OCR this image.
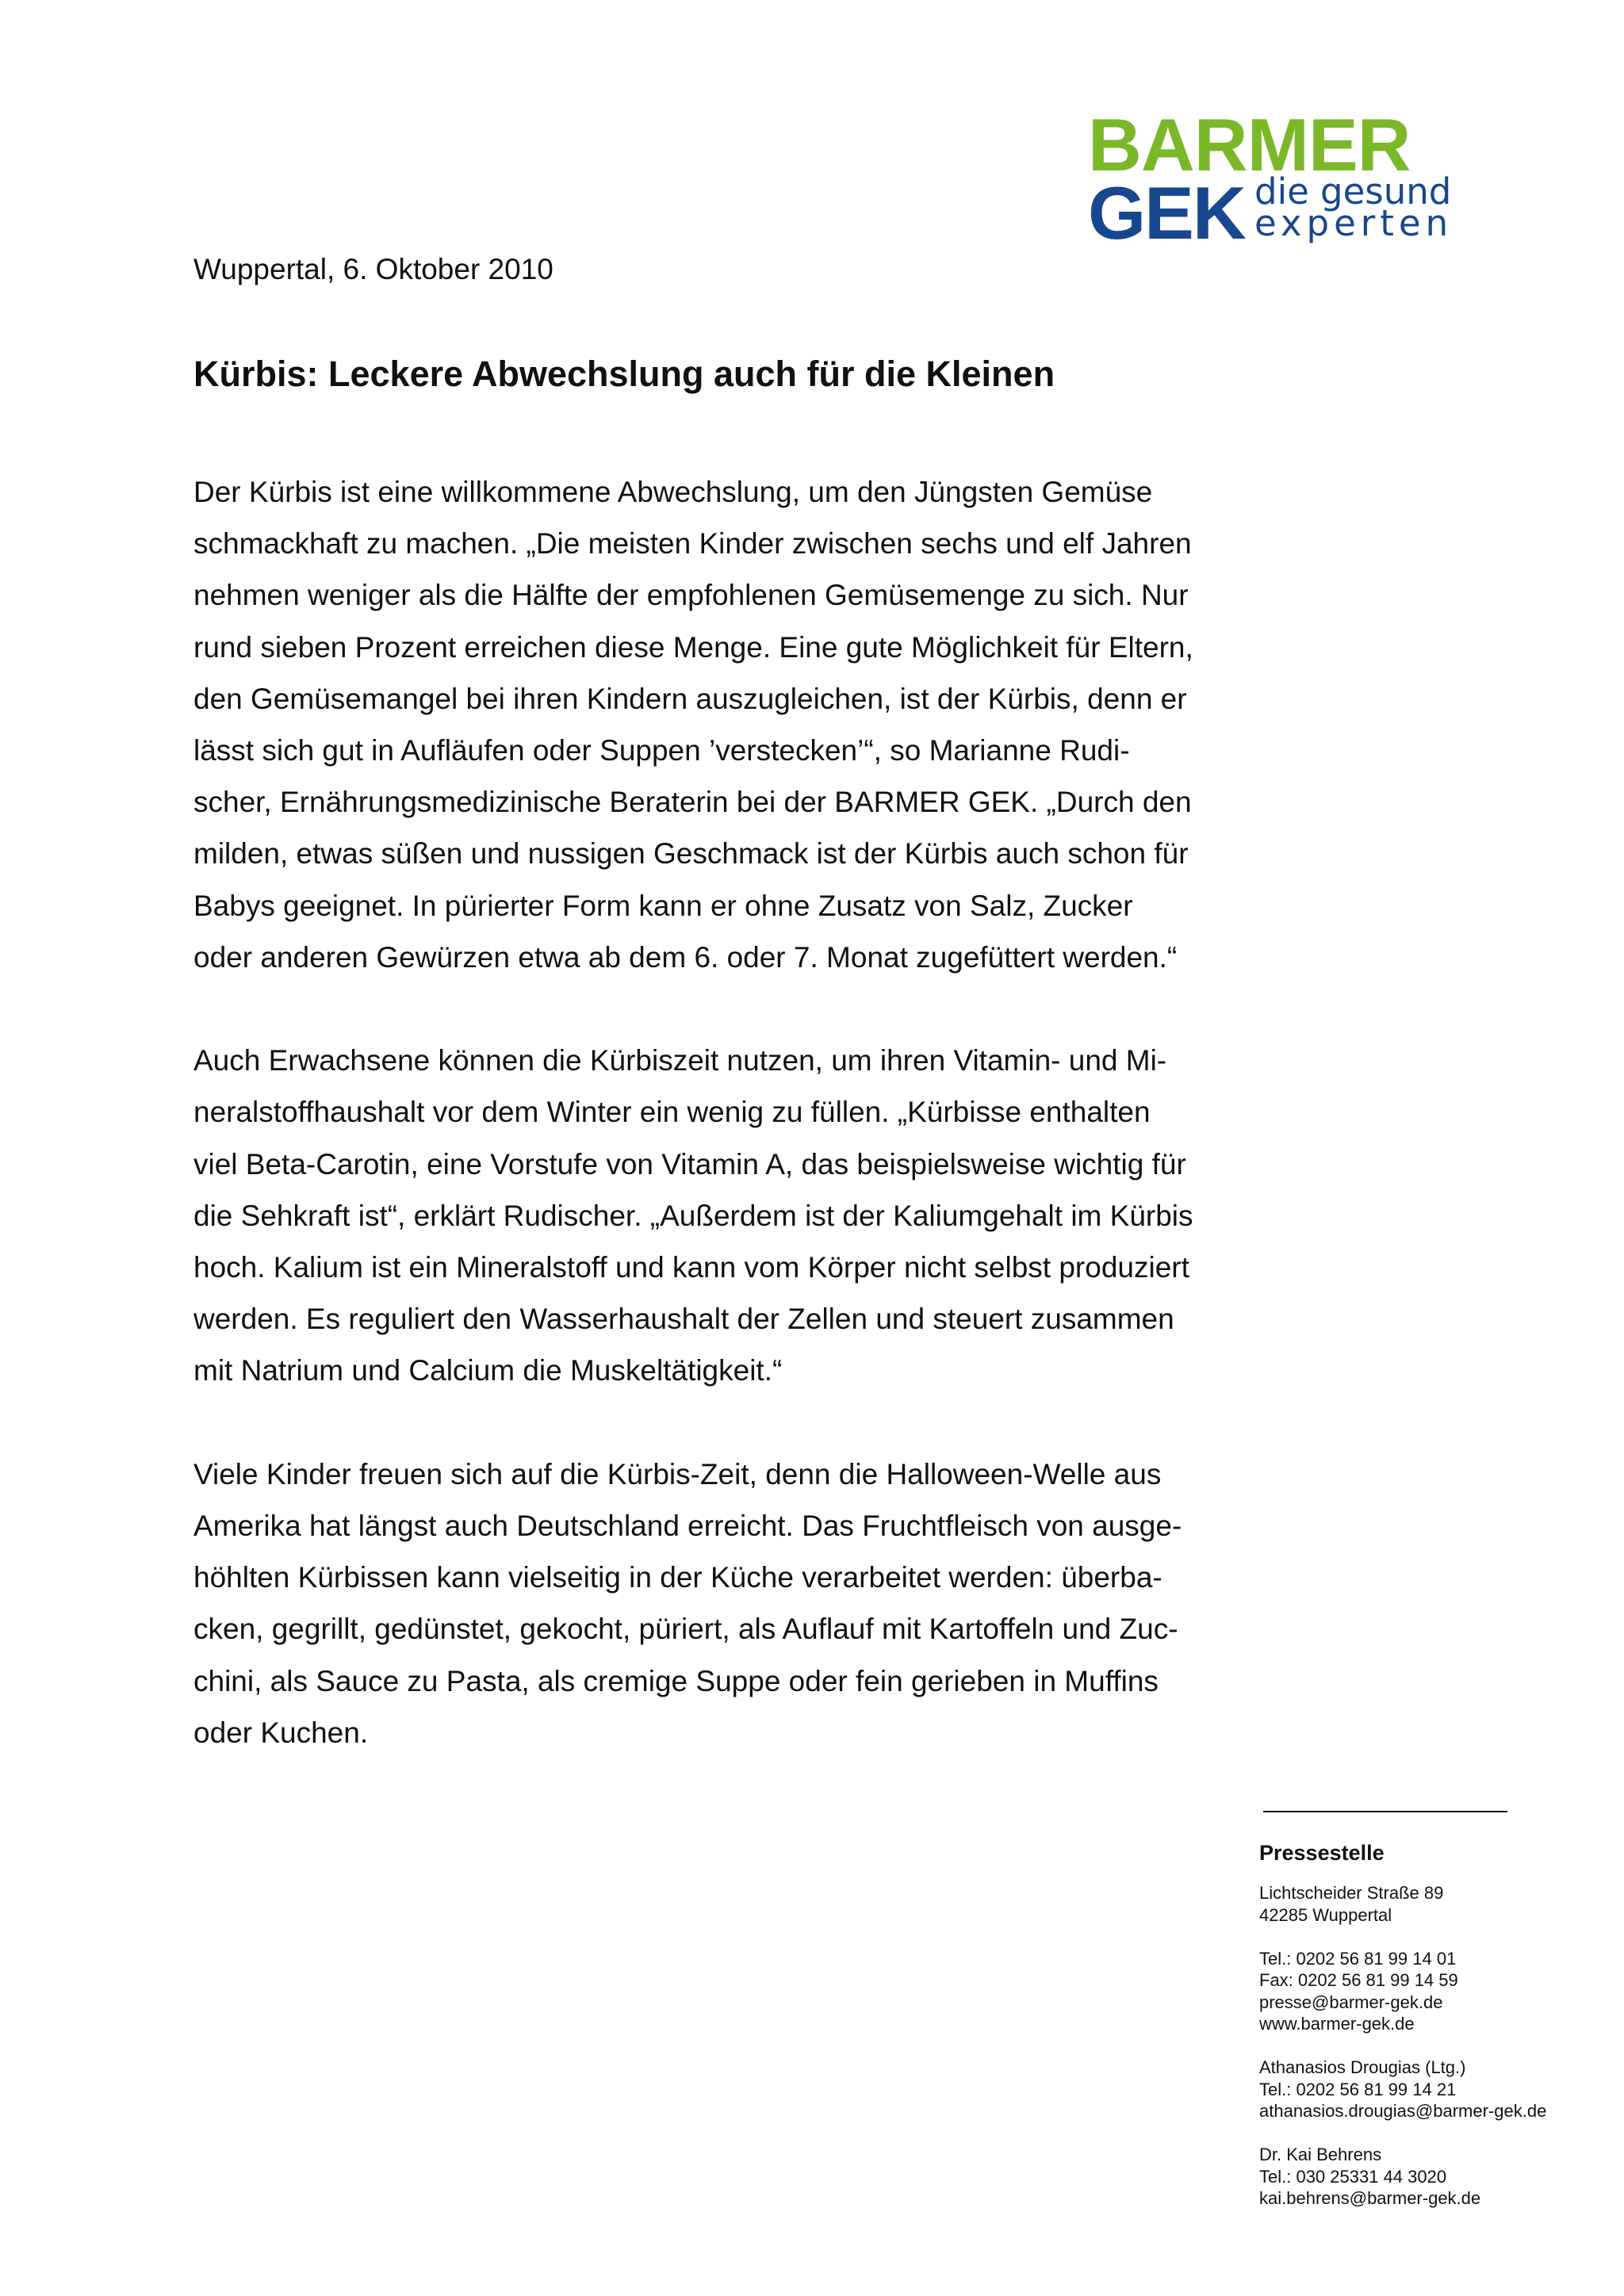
BARMER
GEK die gesund
experten
Wuppertal, 6. Oktober 2010
Kürbis: Leckere Abwechslung auch für die Kleinen

Der Kürbis ist eine willkommene Abwechslung, um den Jüngsten Gemüse
schmackhaft zu machen. „Die meisten Kinder zwischen sechs und elf Jahren
nehmen weniger als die Hälfte der empfohlenen Gemüsemenge zu sich. Nur
rund sieben Prozent erreichen diese Menge. Eine gute Möglichkeit für Eltern,
den Gemüsemangel bei ihren Kindern auszugleichen, ist der Kürbis, denn er
lässt sich gut in Aufläufen oder Suppen ’verstecken’“, so Marianne Rudi-
scher, Ernährungsmedizinische Beraterin bei der BARMER GEK. „Durch den
milden, etwas süßen und nussigen Geschmack ist der Kürbis auch schon für
Babys geeignet. In pürierter Form kann er ohne Zusatz von Salz, Zucker
oder anderen Gewürzen etwa ab dem 6. oder 7. Monat zugefüttert werden.“

Auch Erwachsene können die Kürbiszeit nutzen, um ihren Vitamin- und Mi-
neralstoffhaushalt vor dem Winter ein wenig zu füllen. „Kürbisse enthalten
viel Beta-Carotin, eine Vorstufe von Vitamin A, das beispielsweise wichtig für
die Sehkraft ist“, erklärt Rudischer. „Außerdem ist der Kaliumgehalt im Kürbis
hoch. Kalium ist ein Mineralstoff und kann vom Körper nicht selbst produziert
werden. Es reguliert den Wasserhaushalt der Zellen und steuert zusammen
mit Natrium und Calcium die Muskeltätigkeit.“

Viele Kinder freuen sich auf die Kürbis-Zeit, denn die Halloween-Welle aus
Amerika hat längst auch Deutschland erreicht. Das Fruchtfleisch von ausge-
höhlten Kürbissen kann vielseitig in der Küche verarbeitet werden: überba-
cken, gegrillt, gedünstet, gekocht, püriert, als Auflauf mit Kartoffeln und Zuc-
chini, als Sauce zu Pasta, als cremige Suppe oder fein gerieben in Muffins
oder Kuchen.

Pressestelle
Lichtscheider Straße 89
42285 Wuppertal
Tel.: 0202 56 81 99 14 01
Fax: 0202 56 81 99 14 59
presse@barmer-gek.de
www.barmer-gek.de
Athanasios Drougias (Ltg.)
Tel.: 0202 56 81 99 14 21
athanasios.drougias@barmer-gek.de
Dr. Kai Behrens
Tel.: 030 25331 44 3020
kai.behrens@barmer-gek.de
